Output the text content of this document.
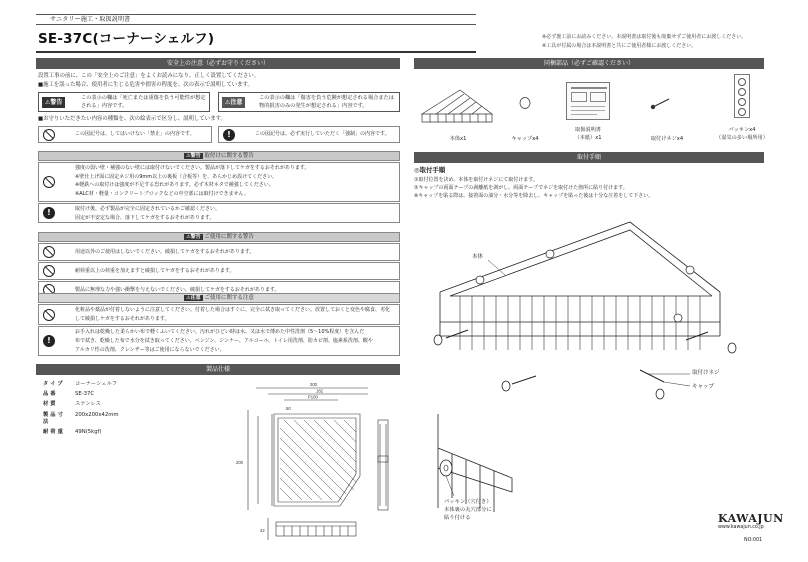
サニタリー施工・取扱説明書
SE-37C(コーナーシェルフ)	※必ず施工前にお読みください。本説明書は取付後も廃棄せずご使用者にお渡しください。
※工具が付属の場合は本説明書と共にご使用者様にお渡しください。
安全上の注意（必ずお守りください）
設置工事の前に、この「安全上のご注意」をよくお読みになり、正しく設置してください。
■施工を誤った場合、使用者に生じる危害や損害の程度を、次の表示で説明しています。
⚠警告
この表示の欄は「死亡または重傷を負う可能性が想定される」内容です。	⚠注意
この表示の欄は「傷害を負う危険が想定される場合または物的損害のみの発生が想定される」内容です。
■お守りいただきたい内容の種類を、次の絵表示で区分し、説明しています。
この図記号は、してはいけない「禁止」の内容です。	!	この図記号は、必ず実行していただく「強制」の内容です。
⚠警告 取付けに関する警告
強度の弱い壁・補強のない壁には取付けないでください。製品が落下してケガをするおそれがあります。
※壁仕上げ面に固定ネジ用の9mm以上の裏板（合板等）を、あらかじめ設けてください。
※軽鉄への取付けは強度が不足する恐れがあります。必ず木材ネタで補強してください。
※ALC材・軽量・コンクリートブロックなどの中空部には取付けできません。
!	取付け後、必ず製品が完全に固定されているかご確認ください。
固定が不安定な場合、落下してケガをするおそれがあります。
⚠警告 ご使用に関する警告
用途以外のご使用はしないでください。破損してケガをするおそれがあります。
耐荷重以上の荷重を加えますと破損してケガをするおそれがあります。
製品に無理な力や強い衝撃を与えないでください。破損してケガをするおそれがあります。
⚠注意 ご使用に関する注意
化粧品や薬品が付着しないように注意してください。付着した場合はすぐに、完全に拭き取ってください。放置しておくと変色や腐食、劣化
して破損しケガをするおそれがあります。
!
お手入れは乾燥した柔らかい布で軽くふいてください。汚れがひどい時は水、又は水で薄めた中性洗剤（5～10%程度）を含んだ
布で拭き、乾燥した布で水分を拭き取ってください。ベンジン、シンナー、アルコール、トイレ用洗剤、防カビ剤、塩素系洗剤、酸や
アルカリ性の洗剤、クレンザー等はご使用にならないでください。
製品仕様
タイプ	コーナーシェルフ
品番	SE-37C
材質	ステンレス
製品寸法	200x200x42mm
耐荷重	49N(5kgf)
200
182
P100
50
200
42
同梱部品（必ずご確認ください）
本体x1	キャップx4
取扱説明書
（本紙）x1	取付けネジx4
パッキンx4
（湿気の多い場所用）
取付手順
◎取付手順
①取付位置を決め、本体を取付けネジにて取付けます。
②キャップの両面テープの剥離紙を剥がし、両面テープでネジを取付けた箇所に貼り付けます。
※キャップを貼る際は、接着面の油分・水分等を除去し、キャップを貼った後は十分な圧着をして下さい。
本体
取付けネジ
キャップ
パッキン（穴付き）
本体裏の丸穴部分に
貼り付ける	KAWAJUN
www.kawajun.co.jp
NO:001
